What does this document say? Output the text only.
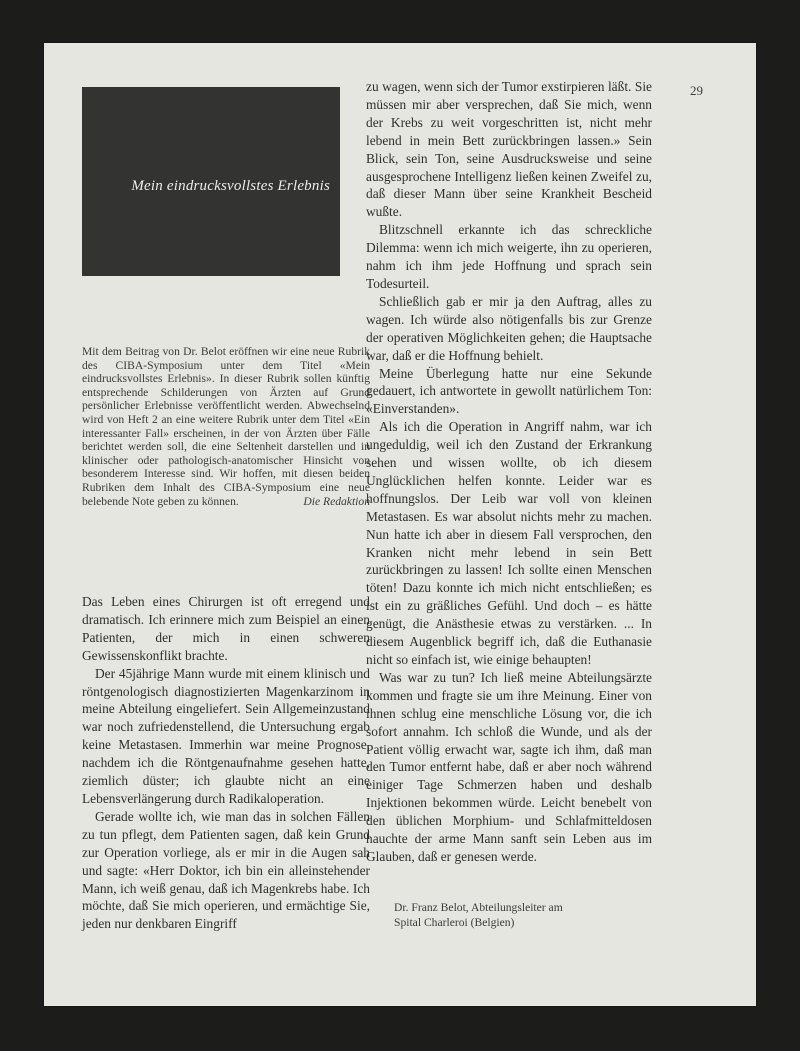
Mein eindrucksvollstes Erlebnis
29
Mit dem Beitrag von Dr. Belot eröffnen wir eine neue Rubrik des CIBA-Symposium unter dem Titel «Mein eindrucksvollstes Erlebnis». In dieser Rubrik sollen künftig entsprechende Schilderungen von Ärzten auf Grund persönlicher Erlebnisse veröffentlicht werden. Abwechselnd wird von Heft 2 an eine weitere Rubrik unter dem Titel «Ein interessanter Fall» erscheinen, in der von Ärzten über Fälle berichtet werden soll, die eine Seltenheit darstellen und in klinischer oder pathologisch-anatomischer Hinsicht von besonderem Interesse sind. Wir hoffen, mit diesen beiden Rubriken dem Inhalt des CIBA-Symposium eine neue belebende Note geben zu können.	Die Redaktion

Das Leben eines Chirurgen ist oft erregend und dramatisch. Ich erinnere mich zum Beispiel an einen Patienten, der mich in einen schweren Gewissenskonflikt brachte.

Der 45jährige Mann wurde mit einem klinisch und röntgenologisch diagnostizierten Magenkarzinom in meine Abteilung eingeliefert. Sein Allgemeinzustand war noch zufriedenstellend, die Untersuchung ergab keine Metastasen. Immerhin war meine Prognose, nachdem ich die Röntgenaufnahme gesehen hatte, ziemlich düster; ich glaubte nicht an eine Lebensverlängerung durch Radikaloperation.

Gerade wollte ich, wie man das in solchen Fällen zu tun pflegt, dem Patienten sagen, daß kein Grund zur Operation vorliege, als er mir in die Augen sah und sagte: «Herr Doktor, ich bin ein alleinstehender Mann, ich weiß genau, daß ich Magenkrebs habe. Ich möchte, daß Sie mich operieren, und ermächtige Sie, jeden nur denkbaren Eingriff

zu wagen, wenn sich der Tumor exstirpieren läßt. Sie müssen mir aber versprechen, daß Sie mich, wenn der Krebs zu weit vorgeschritten ist, nicht mehr lebend in mein Bett zurückbringen lassen.» Sein Blick, sein Ton, seine Ausdrucksweise und seine ausgesprochene Intelligenz ließen keinen Zweifel zu, daß dieser Mann über seine Krankheit Bescheid wußte.

Blitzschnell erkannte ich das schreckliche Dilemma: wenn ich mich weigerte, ihn zu operieren, nahm ich ihm jede Hoffnung und sprach sein Todesurteil.

Schließlich gab er mir ja den Auftrag, alles zu wagen. Ich würde also nötigenfalls bis zur Grenze der operativen Möglichkeiten gehen; die Hauptsache war, daß er die Hoffnung behielt.

Meine Überlegung hatte nur eine Sekunde gedauert, ich antwortete in gewollt natürlichem Ton: «Einverstanden».

Als ich die Operation in Angriff nahm, war ich ungeduldig, weil ich den Zustand der Erkrankung sehen und wissen wollte, ob ich diesem Unglücklichen helfen konnte. Leider war es hoffnungslos. Der Leib war voll von kleinen Metastasen. Es war absolut nichts mehr zu machen. Nun hatte ich aber in diesem Fall versprochen, den Kranken nicht mehr lebend in sein Bett zurückbringen zu lassen! Ich sollte einen Menschen töten! Dazu konnte ich mich nicht entschließen; es ist ein zu gräßliches Gefühl. Und doch – es hätte genügt, die Anästhesie etwas zu verstärken. ... In diesem Augenblick begriff ich, daß die Euthanasie nicht so einfach ist, wie einige behaupten!

Was war zu tun? Ich ließ meine Abteilungsärzte kommen und fragte sie um ihre Meinung. Einer von ihnen schlug eine menschliche Lösung vor, die ich sofort annahm. Ich schloß die Wunde, und als der Patient völlig erwacht war, sagte ich ihm, daß man den Tumor entfernt habe, daß er aber noch während einiger Tage Schmerzen haben und deshalb Injektionen bekommen würde. Leicht benebelt von den üblichen Morphium- und Schlafmitteldosen hauchte der arme Mann sanft sein Leben aus im Glauben, daß er genesen werde.

Dr. Franz Belot, Abteilungsleiter am
Spital Charleroi (Belgien)
